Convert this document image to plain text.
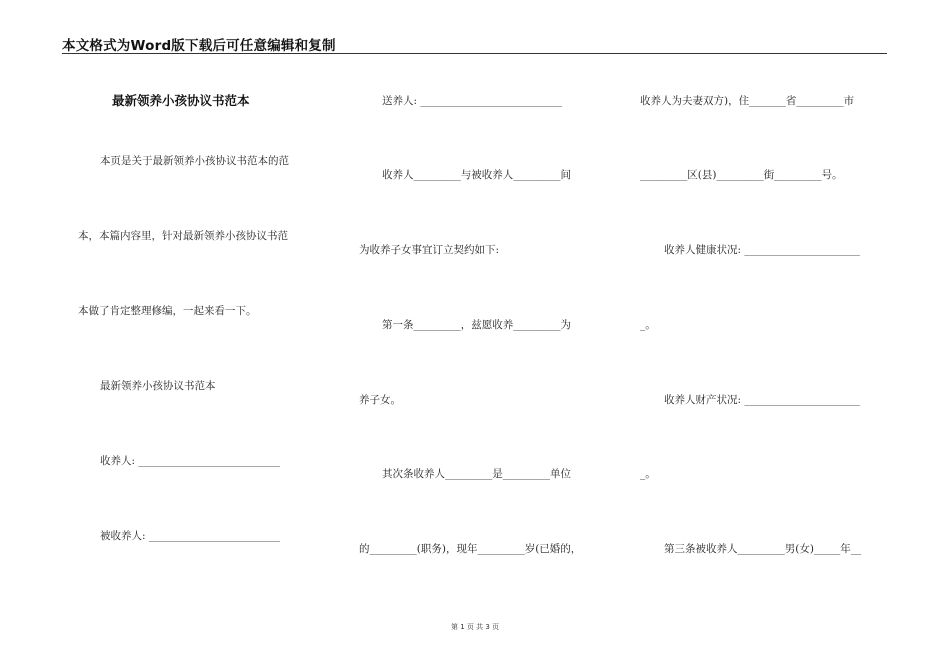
本文格式为Word版下载后可任意编辑和复制
最新领养小孩协议书范本
本页是关于最新领养小孩协议书范本的范
本，本篇内容里，针对最新领养小孩协议书范
本做了肯定整理修编，一起来看一下。
最新领养小孩协议书范本
收养人: ___________________________
被收养人: _________________________
送养人: ___________________________
收养人_________与被收养人_________间
为收养子女事宜订立契约如下:
第一条_________，兹愿收养_________为
养子女。
其次条收养人_________是_________单位
的_________(职务)，现年_________岁(已婚的，
收养人为夫妻双方)，住_______省_________市
_________区(县)_________街_________号。
收养人健康状况: ______________________
_。
收养人财产状况: ______________________
_。
第三条被收养人_________男(女)_____年__
第 1 页 共 3 页
